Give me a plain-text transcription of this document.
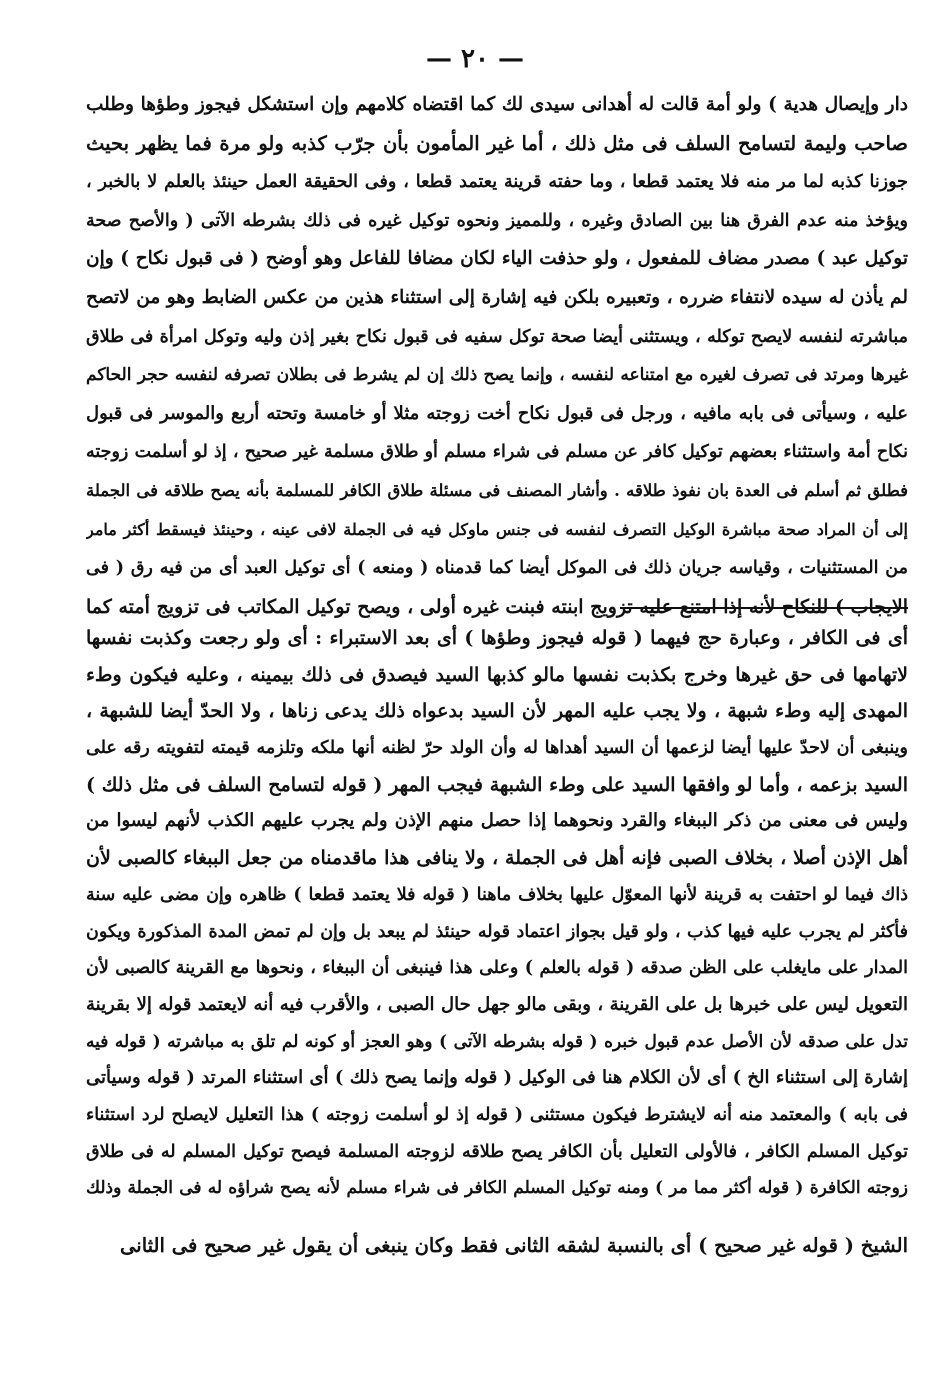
— ٢٠ —
دار وإيصال هدية ) ولو أمة قالت له أهدانى سيدى لك كما اقتضاه كلامهم وإن استشكل فيجوز وطؤها وطلب
صاحب وليمة لتسامح السلف فى مثل ذلك ، أما غير المأمون بأن جرّب كذبه ولو مرة فما يظهر بحيث
جوزنا كذبه لما مر منه فلا يعتمد قطعا ، وما حفته قرينة يعتمد قطعا ، وفى الحقيقة العمل حينئذ بالعلم لا بالخبر ،
ويؤخذ منه عدم الفرق هنا بين الصادق وغيره ، وللمميز ونحوه توكيل غيره فى ذلك بشرطه الآتى ( والأصح صحة
توكيل عبد ) مصدر مضاف للمفعول ، ولو حذفت الياء لكان مضافا للفاعل وهو أوضح ( فى قبول نكاح ) وإن
لم يأذن له سيده لانتفاء ضرره ، وتعبيره بلكن فيه إشارة إلى استثناء هذين من عكس الضابط وهو من لاتصح
مباشرته لنفسه لايصح توكله ، ويستثنى أيضا صحة توكل سفيه فى قبول نكاح بغير إذن وليه وتوكل امرأة فى طلاق
غيرها ومرتد فى تصرف لغيره مع امتناعه لنفسه ، وإنما يصح ذلك إن لم يشرط فى بطلان تصرفه لنفسه حجر الحاكم
عليه ، وسيأتى فى بابه مافيه ، ورجل فى قبول نكاح أخت زوجته مثلا أو خامسة وتحته أربع والموسر فى قبول
نكاح أمة واستثناء بعضهم توكيل كافر عن مسلم فى شراء مسلم أو طلاق مسلمة غير صحيح ، إذ لو أسلمت زوجته
فطلق ثم أسلم فى العدة بان نفوذ طلاقه . وأشار المصنف فى مسئلة طلاق الكافر للمسلمة بأنه يصح طلاقه فى الجملة
إلى أن المراد صحة مباشرة الوكيل التصرف لنفسه فى جنس ماوكل فيه فى الجملة لافى عينه ، وحينئذ فيسقط أكثر مامر
من المستثنيات ، وقياسه جريان ذلك فى الموكل أيضا كما قدمناه ( ومنعه ) أى توكيل العبد أى من فيه رق ( فى
الايجاب ) للنكاح لأنه إذا امتنع عليه تزويج ابنته فبنت غيره أولى ، ويصح توكيل المكاتب فى تزويج أمته كما
أى فى الكافر ، وعبارة حج فيهما ( قوله فيجوز وطؤها ) أى بعد الاستبراء : أى ولو رجعت وكذبت نفسها
لاتهامها فى حق غيرها وخرج بكذبت نفسها مالو كذبها السيد فيصدق فى ذلك بيمينه ، وعليه فيكون وطء
المهدى إليه وطء شبهة ، ولا يجب عليه المهر لأن السيد بدعواه ذلك يدعى زناها ، ولا الحدّ أيضا للشبهة ،
وينبغى أن لاحدّ عليها أيضا لزعمها أن السيد أهداها له وأن الولد حرّ لظنه أنها ملكه وتلزمه قيمته لتفويته رقه على
السيد بزعمه ، وأما لو وافقها السيد على وطء الشبهة فيجب المهر ( قوله لتسامح السلف فى مثل ذلك )
وليس فى معنى من ذكر الببغاء والقرد ونحوهما إذا حصل منهم الإذن ولم يجرب عليهم الكذب لأنهم ليسوا من
أهل الإذن أصلا ، بخلاف الصبى فإنه أهل فى الجملة ، ولا ينافى هذا ماقدمناه من جعل الببغاء كالصبى لأن
ذاك فيما لو احتفت به قرينة لأنها المعوّل عليها بخلاف ماهنا ( قوله فلا يعتمد قطعا ) ظاهره وإن مضى عليه سنة
فأكثر لم يجرب عليه فيها كذب ، ولو قيل بجواز اعتماد قوله حينئذ لم يبعد بل وإن لم تمض المدة المذكورة ويكون
المدار على مايغلب على الظن صدقه ( قوله بالعلم ) وعلى هذا فينبغى أن الببغاء ، ونحوها مع القرينة كالصبى لأن
التعويل ليس على خبرها بل على القرينة ، وبقى مالو جهل حال الصبى ، والأقرب فيه أنه لايعتمد قوله إلا بقرينة
تدل على صدقه لأن الأصل عدم قبول خبره ( قوله بشرطه الآتى ) وهو العجز أو كونه لم تلق به مباشرته ( قوله فيه
إشارة إلى استثناء الخ ) أى لأن الكلام هنا فى الوكيل ( قوله وإنما يصح ذلك ) أى استثناء المرتد ( قوله وسيأتى
فى بابه ) والمعتمد منه أنه لايشترط فيكون مستثنى ( قوله إذ لو أسلمت زوجته ) هذا التعليل لايصلح لرد استثناء
توكيل المسلم الكافر ، فالأولى التعليل بأن الكافر يصح طلاقه لزوجته المسلمة فيصح توكيل المسلم له فى طلاق
زوجته الكافرة ( قوله أكثر مما مر ) ومنه توكيل المسلم الكافر فى شراء مسلم لأنه يصح شراؤه له فى الجملة وذلك
الشيخ ( قوله غير صحيح ) أى بالنسبة لشقه الثانى فقط وكان ينبغى أن يقول غير صحيح فى الثانى
